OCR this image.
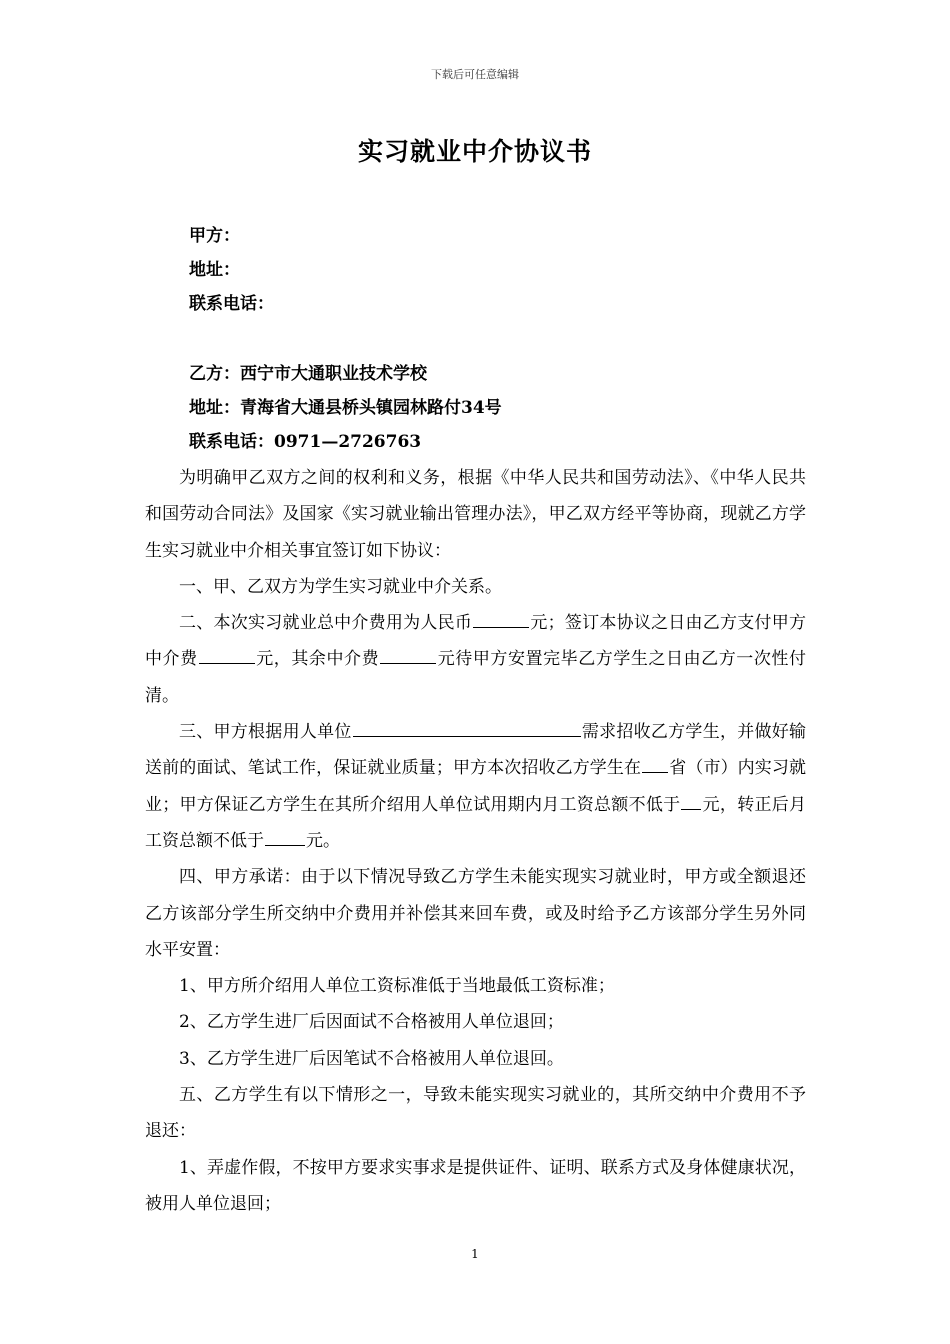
下载后可任意编辑
实习就业中介协议书
甲方：
地址：
联系电话：
乙方：西宁市大通职业技术学校
地址：青海省大通县桥头镇园林路付34号
联系电话：0971—2726763

为明确甲乙双方之间的权利和义务，根据《中华人民共和国劳动法》、《中华人民共和国劳动合同法》及国家《实习就业输出管理办法》，甲乙双方经平等协商，现就乙方学生实习就业中介相关事宜签订如下协议：

一、甲、乙双方为学生实习就业中介关系。

二、本次实习就业总中介费用为人民币	元；签订本协议之日由乙方支付甲方中介费	元，其余中介费	元待甲方安置完毕乙方学生之日由乙方一次性付清。

三、甲方根据用人单位	需求招收乙方学生，并做好输送前的面试、笔试工作，保证就业质量；甲方本次招收乙方学生在 省（市）内实习就业；甲方保证乙方学生在其所介绍用人单位试用期内月工资总额不低于 元，转正后月工资总额不低于 元。

四、甲方承诺：由于以下情况导致乙方学生未能实现实习就业时，甲方或全额退还乙方该部分学生所交纳中介费用并补偿其来回车费，或及时给予乙方该部分学生另外同水平安置：

1、甲方所介绍用人单位工资标准低于当地最低工资标准；

2、乙方学生进厂后因面试不合格被用人单位退回；

3、乙方学生进厂后因笔试不合格被用人单位退回。

五、乙方学生有以下情形之一，导致未能实现实习就业的，其所交纳中介费用不予退还：

1、弄虚作假，不按甲方要求实事求是提供证件、证明、联系方式及身体健康状况，被用人单位退回；

1
